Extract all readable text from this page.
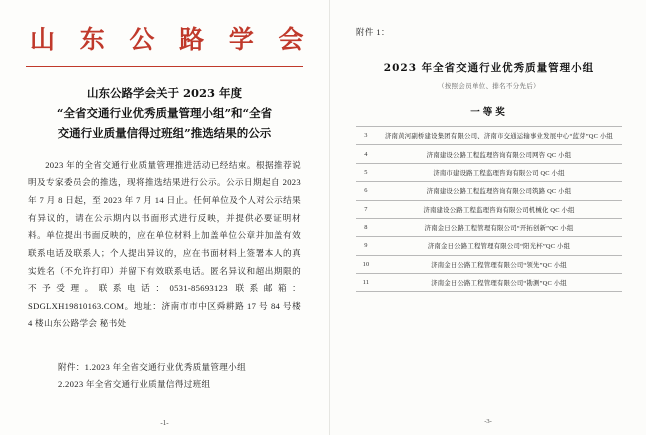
山 东 公 路 学 会
山东公路学会关于 2023 年度
“全省交通行业优秀质量管理小组”和“全省
交通行业质量信得过班组”推选结果的公示

2023 年的全省交通行业质量管理推进活动已经结束。根据推荐说明及专家委员会的推选，现将推选结果进行公示。公示日期起自 2023 年 7 月 8 日起，至 2023 年 7 月 14 日止。任何单位及个人对公示结果有异议的，请在公示期内以书面形式进行反映，并提供必要证明材料。单位提出书面反映的，应在单位材料上加盖单位公章并加盖有效联系电话及联系人；个人提出异议的，应在书面材料上签署本人的真实姓名（不允许打印）并留下有效联系电话。匿名异议和超出期限的不予受理。联系电话：0531-85693123 联系邮箱：SDGLXH19810163.COM。地址：济南市市中区舜耕路 17 号 84 号楼 4 楼山东公路学会 秘书处

附件：1.2023 年全省交通行业优秀质量管理小组
2.2023 年全省交通行业质量信得过班组
-1-
附件 1：
2023 年全省交通行业优秀质量管理小组
（按照会员单位、排名不分先后）
一等奖
3	济南黄河副桥建设集团有限公司、济南市交通运输事业发展中心“蓝芽”QC 小组
4	济南建设公路工程监理咨询有限公司网咨 QC 小组
5	济南市建设路工程监理咨询有限公司 QC 小组
6	济南建设公路工程监理咨询有限公司筑路 QC 小组
7	济南建设公路工程监理咨询有限公司机械化 QC 小组
8	济南金日公路工程管理有限公司“开拓创新”QC 小组
9	济南金日公路工程管理有限公司“阳光杯”QC 小组
10	济南金日公路工程管理有限公司“领先”QC 小组
11	济南金日公路工程管理有限公司“勘测”QC 小组
-3-
